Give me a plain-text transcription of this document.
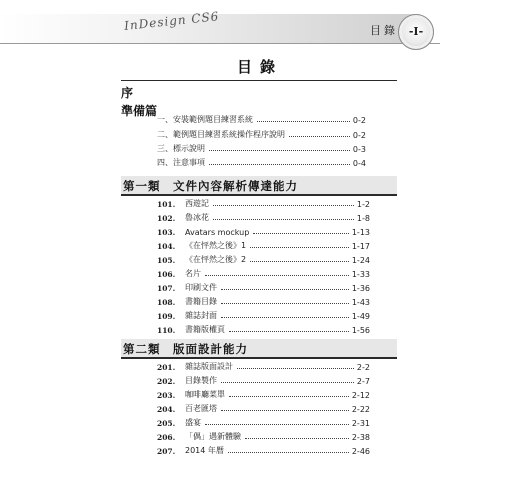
InDesign CS6	目錄 -I-
目錄
序
準備篇
一、安裝範例題目練習系統	0-2
二、範例題目練習系統操作程序說明	0-2
三、標示說明	0-3
四、注意事項	0-4
第一類　文件內容解析傳達能力
101.	西遊記	1-2
102.	魯冰花	1-8
103.	Avatars mockup	1-13
104.	《在怦然之後》1	1-17
105.	《在怦然之後》2	1-24
106.	名片	1-33
107.	印刷文件	1-36
108.	書籍目錄	1-43
109.	雜誌封面	1-49
110.	書籍版權頁	1-56
第二類　版面設計能力
201.	雜誌版面設計	2-2
202.	目錄製作	2-7
203.	咖啡廳菜單	2-12
204.	百老匯塔	2-22
205.	盛宴	2-31
206.	「偶」遇新體驗	2-38
207.	2014 年曆	2-46
